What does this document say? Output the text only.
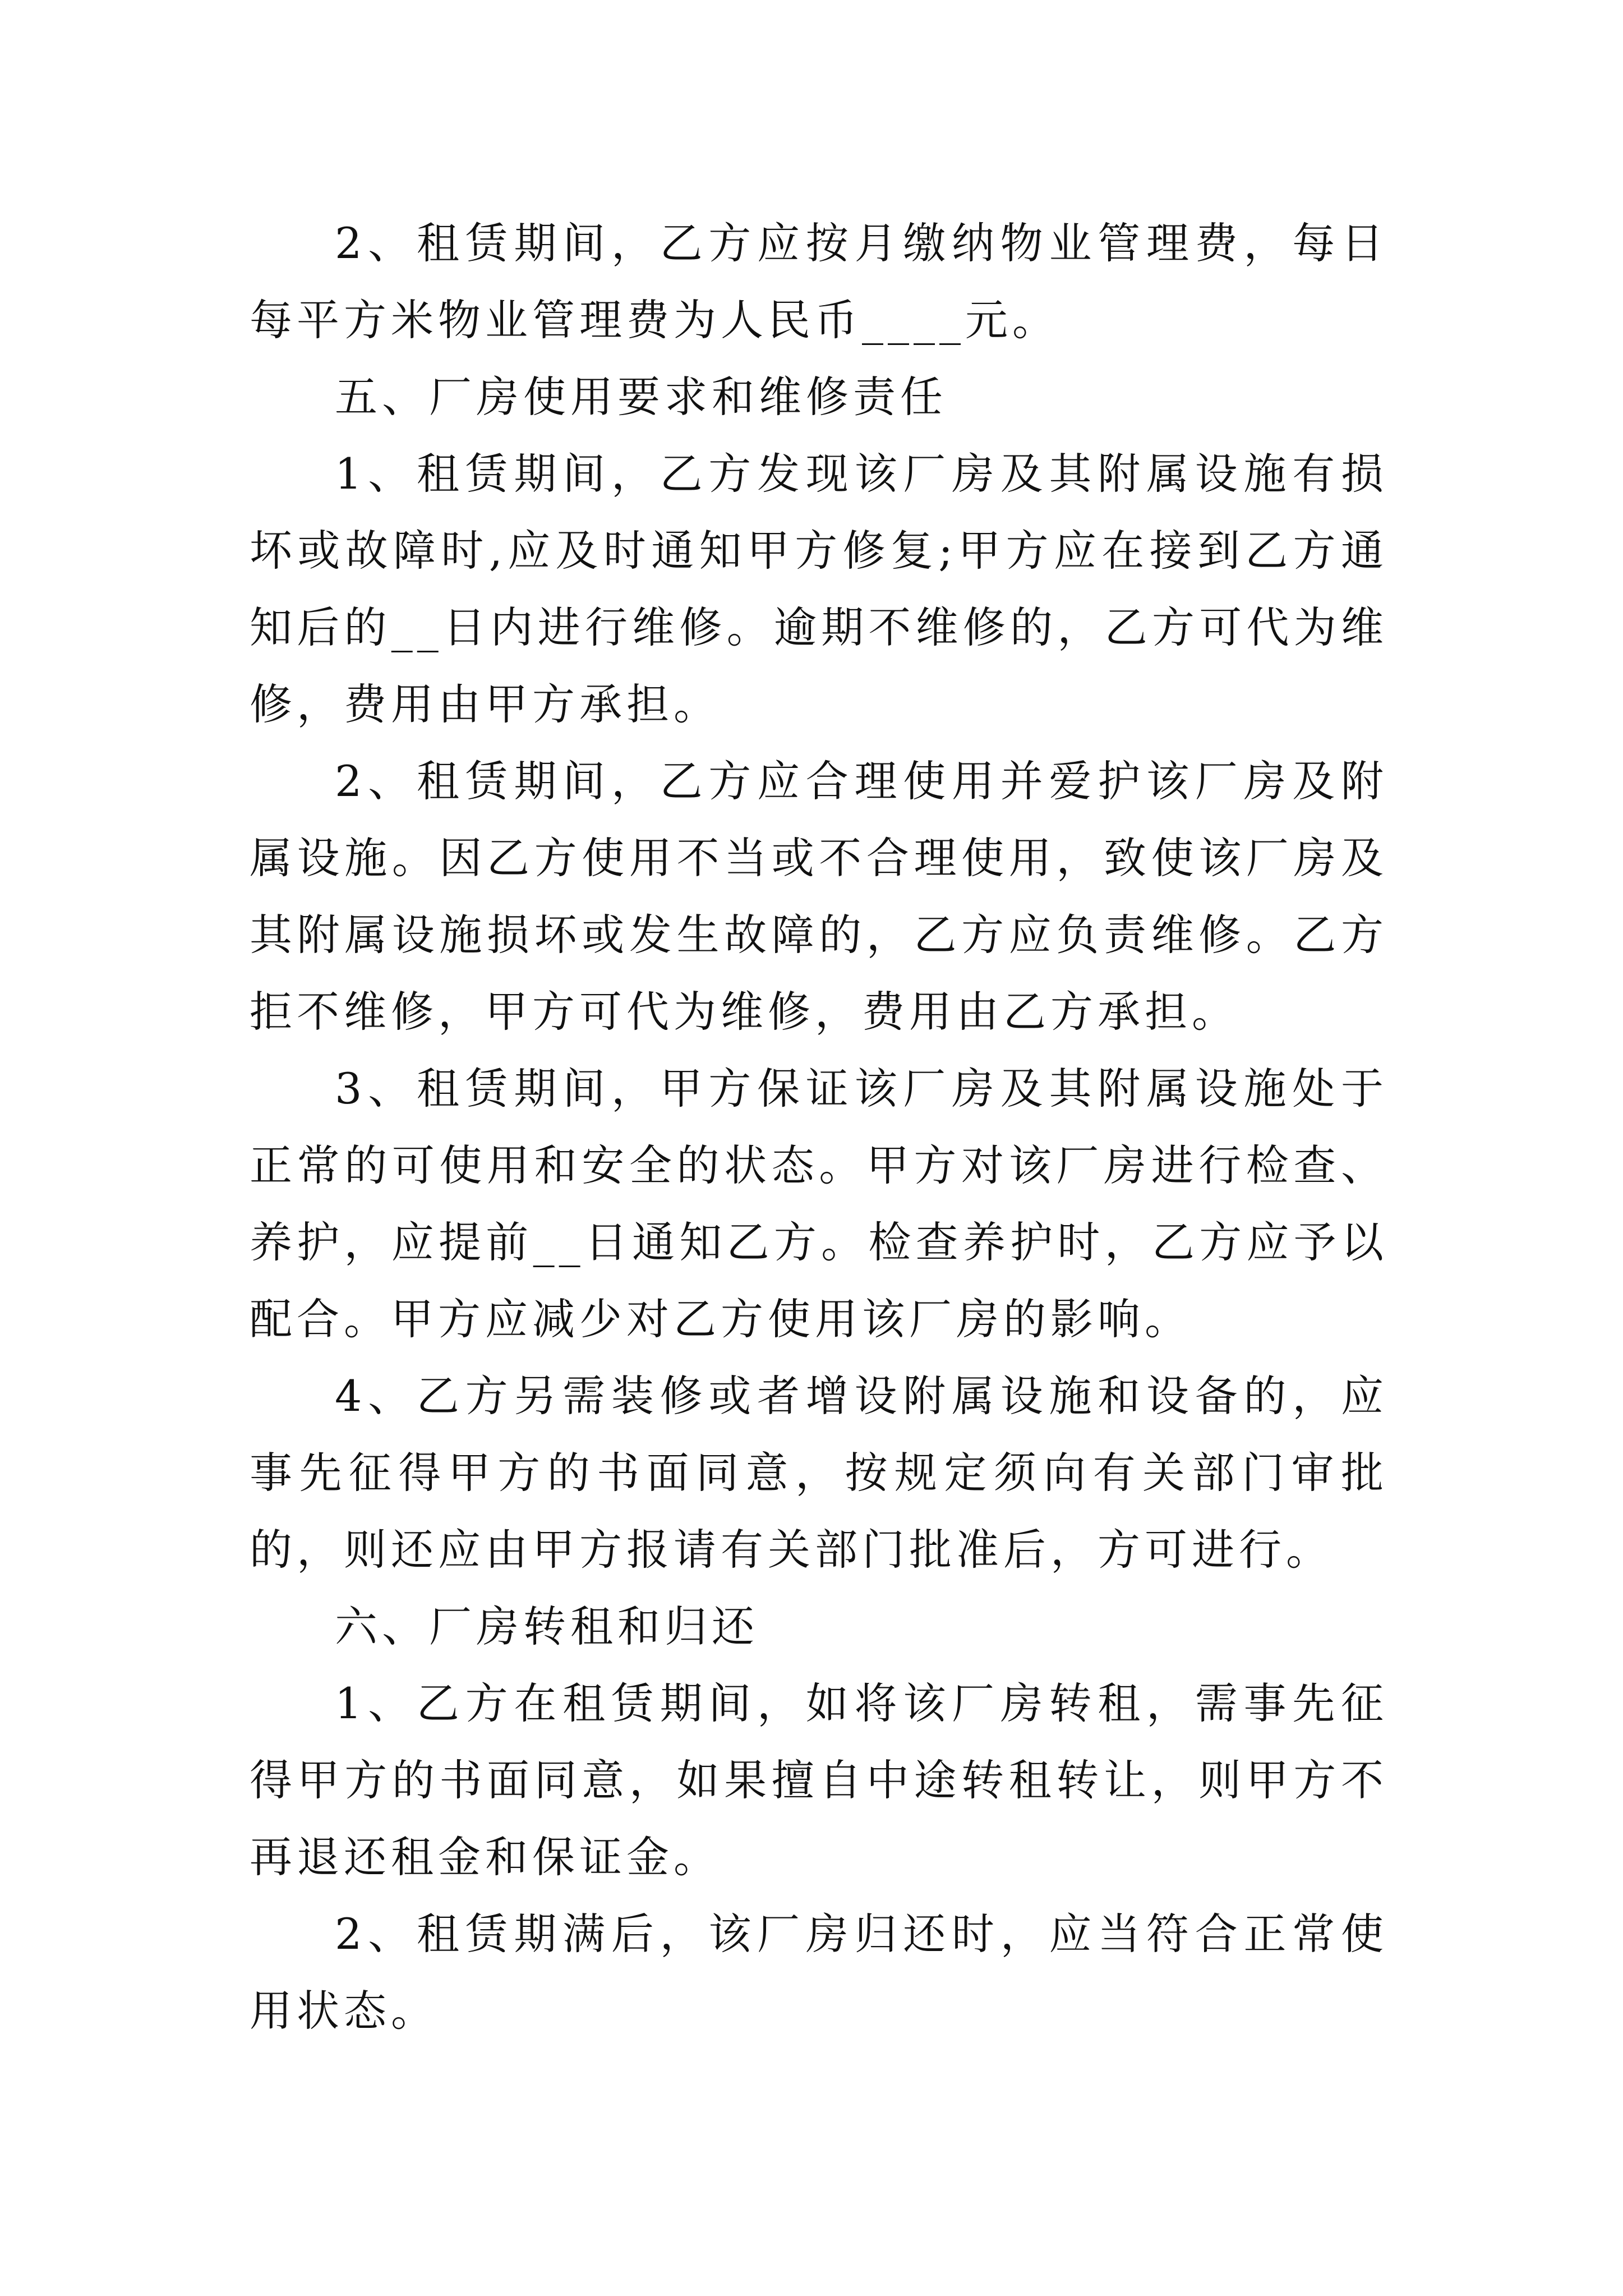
2、租赁期间，乙方应按月缴纳物业管理费，每日每平方米物业管理费为人民币____元。

五、厂房使用要求和维修责任

1、租赁期间，乙方发现该厂房及其附属设施有损坏或故障时,应及时通知甲方修复;甲方应在接到乙方通知后的__日内进行维修。逾期不维修的，乙方可代为维修，费用由甲方承担。

2、租赁期间，乙方应合理使用并爱护该厂房及附属设施。因乙方使用不当或不合理使用，致使该厂房及其附属设施损坏或发生故障的，乙方应负责维修。乙方拒不维修，甲方可代为维修，费用由乙方承担。

3、租赁期间，甲方保证该厂房及其附属设施处于正常的可使用和安全的状态。甲方对该厂房进行检查、养护，应提前__日通知乙方。检查养护时，乙方应予以配合。甲方应减少对乙方使用该厂房的影响。

4、乙方另需装修或者增设附属设施和设备的，应事先征得甲方的书面同意，按规定须向有关部门审批的，则还应由甲方报请有关部门批准后，方可进行。

六、厂房转租和归还

1、乙方在租赁期间，如将该厂房转租，需事先征得甲方的书面同意，如果擅自中途转租转让，则甲方不再退还租金和保证金。

2、租赁期满后，该厂房归还时，应当符合正常使用状态。
